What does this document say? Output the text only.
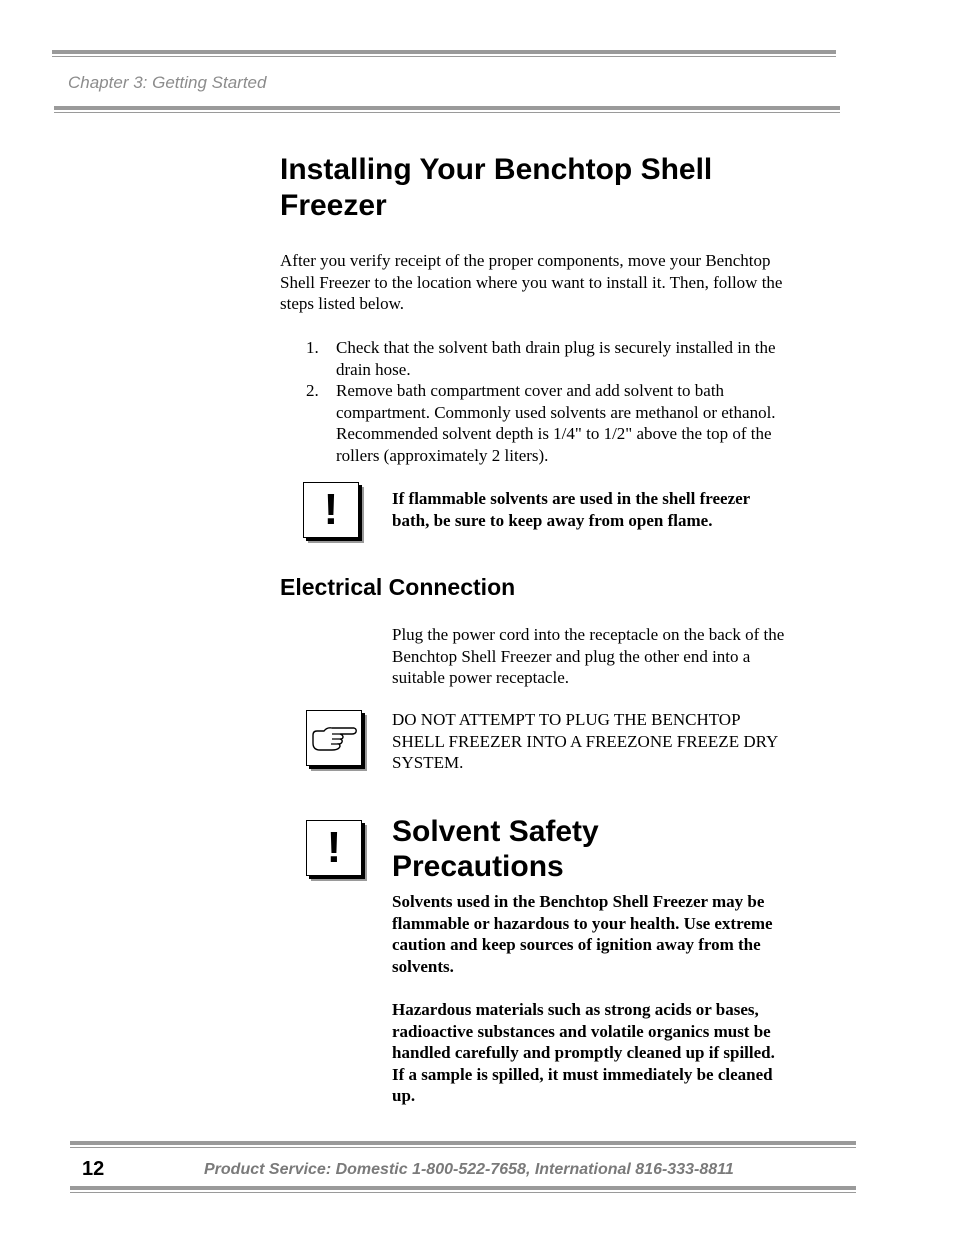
Chapter 3: Getting Started
Installing Your Benchtop Shell Freezer

After you verify receipt of the proper components, move your Benchtop Shell Freezer to the location where you want to install it. Then, follow the steps listed below.

1. Check that the solvent bath drain plug is securely installed in the drain hose.
2. Remove bath compartment cover and add solvent to bath compartment. Commonly used solvents are methanol or ethanol. Recommended solvent depth is 1/4" to 1/2" above the top of the rollers (approximately 2 liters).
!	If flammable solvents are used in the shell freezer bath, be sure to keep away from open flame.

Electrical Connection

Plug the power cord into the receptacle on the back of the Benchtop Shell Freezer and plug the other end into a suitable power receptacle.

DO NOT ATTEMPT TO PLUG THE BENCHTOP SHELL FREEZER INTO A FREEZONE FREEZE DRY SYSTEM.

! Solvent Safety Precautions

Solvents used in the Benchtop Shell Freezer may be flammable or hazardous to your health. Use extreme caution and keep sources of ignition away from the solvents.

Hazardous materials such as strong acids or bases, radioactive substances and volatile organics must be handled carefully and promptly cleaned up if spilled. If a sample is spilled, it must immediately be cleaned up.

12	Product Service: Domestic 1-800-522-7658, International 816-333-8811
